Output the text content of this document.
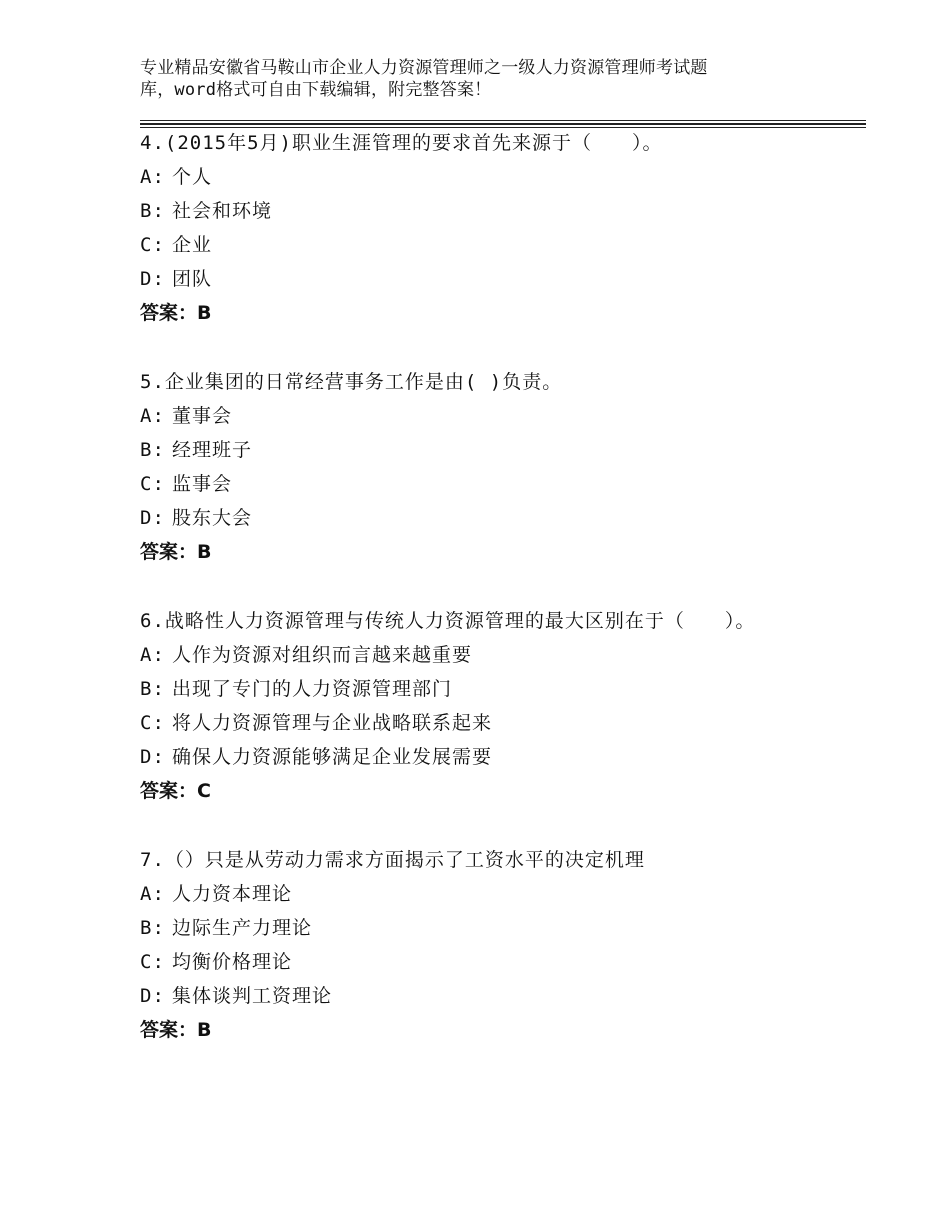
专业精品安徽省马鞍山市企业人力资源管理师之一级人力资源管理师考试题
库，word格式可自由下载编辑，附完整答案！
4.(2015年5月)职业生涯管理的要求首先来源于（　　）。
A: 个人
B: 社会和环境
C: 企业
D: 团队
答案：B
5.企业集团的日常经营事务工作是由( )负责。
A: 董事会
B: 经理班子
C: 监事会
D: 股东大会
答案：B
6.战略性人力资源管理与传统人力资源管理的最大区别在于（　　）。
A: 人作为资源对组织而言越来越重要
B: 出现了专门的人力资源管理部门
C: 将人力资源管理与企业战略联系起来
D: 确保人力资源能够满足企业发展需要
答案：C
7.（）只是从劳动力需求方面揭示了工资水平的决定机理
A: 人力资本理论
B: 边际生产力理论
C: 均衡价格理论
D: 集体谈判工资理论
答案：B
